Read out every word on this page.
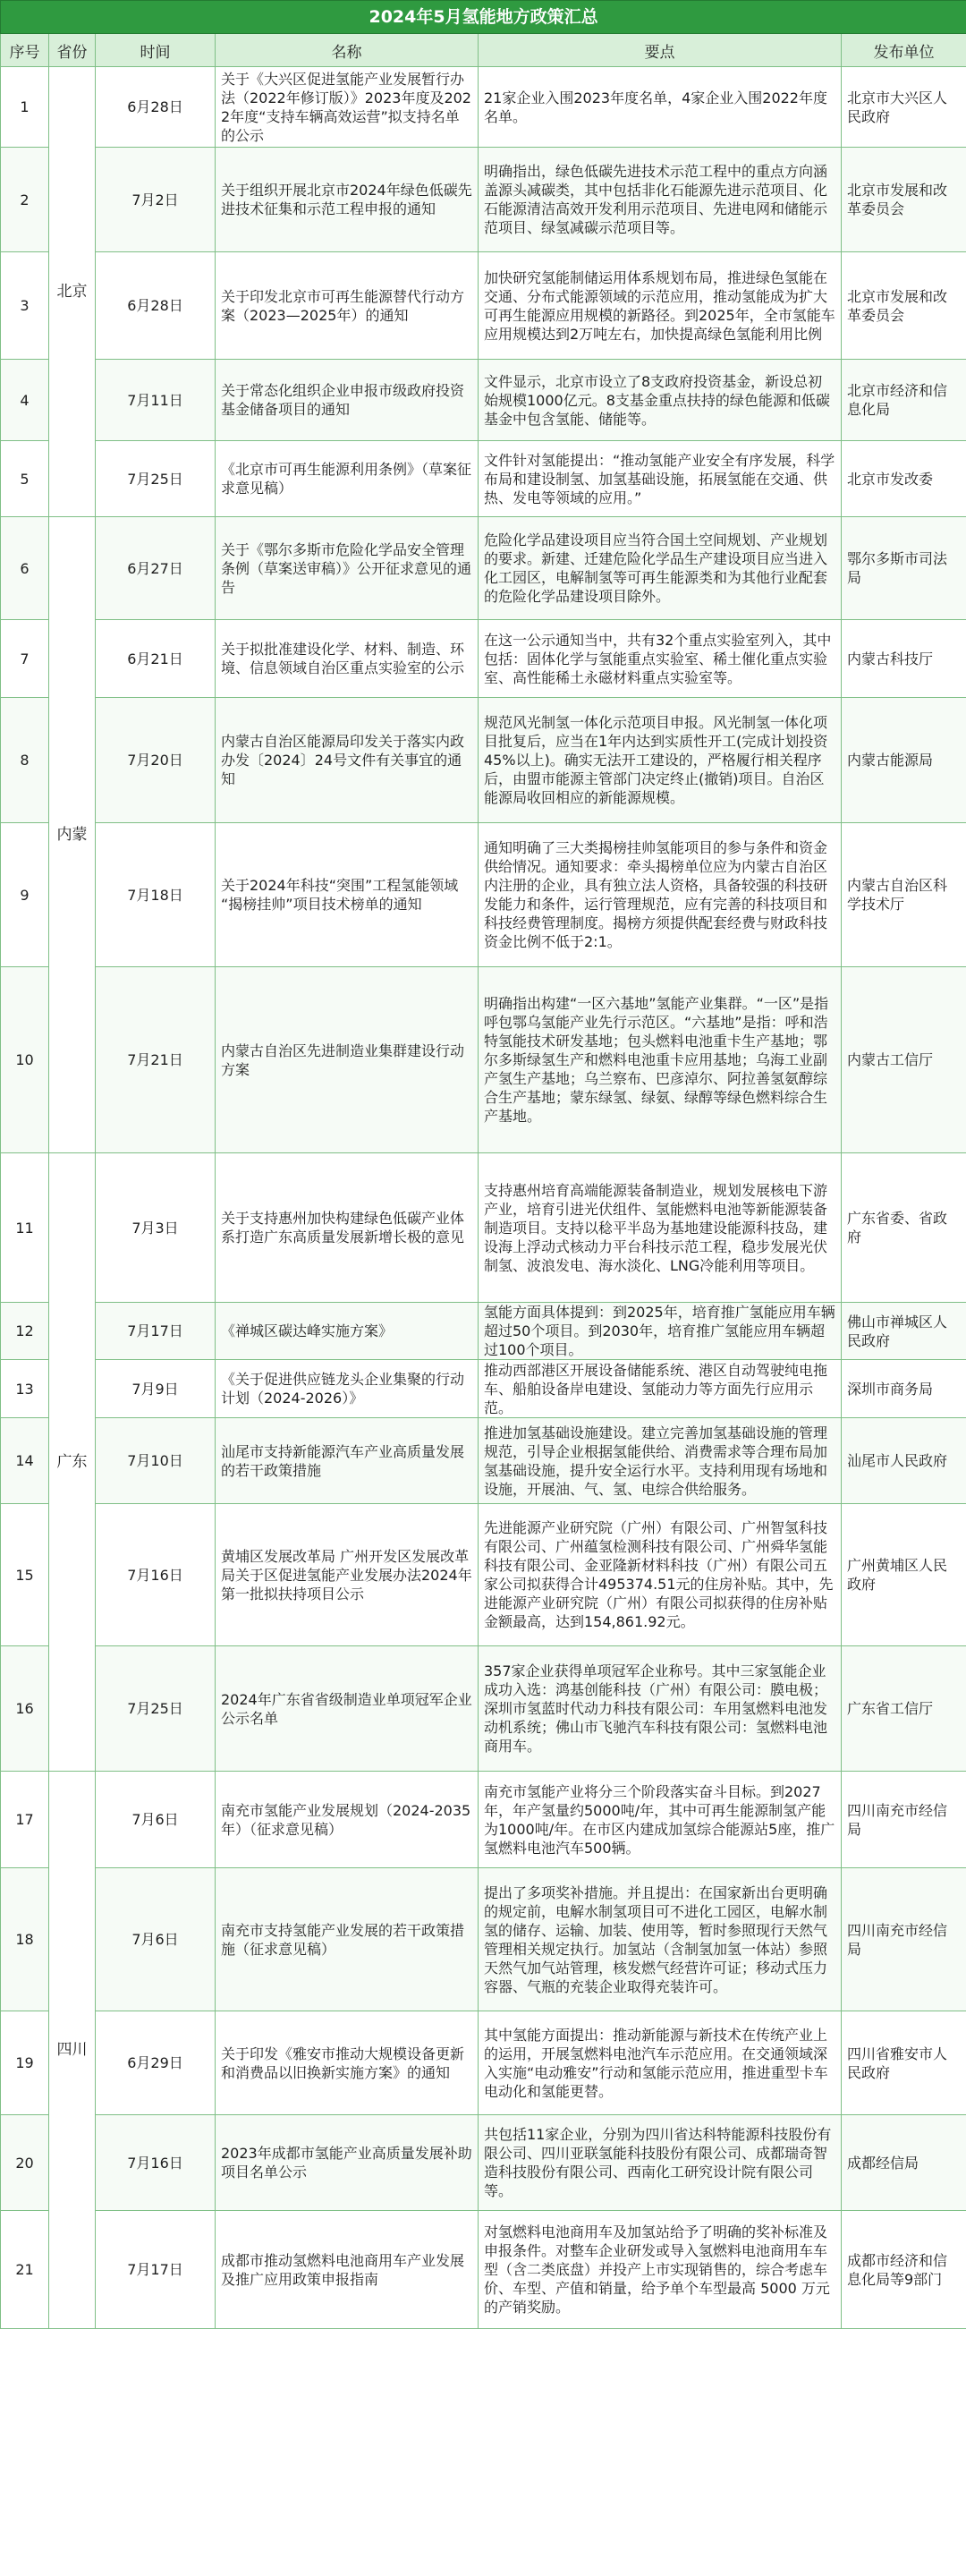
2024年5月氢能地方政策汇总					
序号	省份	时间	名称	要点	发布单位
1	北京	6月28日	关于《大兴区促进氢能产业发展暂行办法（2022年修订版）》2023年度及2022年度“支持车辆高效运营”拟支持名单的公示	21家企业入围2023年度名单，4家企业入围2022年度名单。	北京市大兴区人民政府
2		7月2日	关于组织开展北京市2024年绿色低碳先进技术征集和示范工程申报的通知	明确指出，绿色低碳先进技术示范工程中的重点方向涵盖源头减碳类，其中包括非化石能源先进示范项目、化石能源清洁高效开发利用示范项目、先进电网和储能示范项目、绿氢减碳示范项目等。	北京市发展和改革委员会
3		6月28日	关于印发北京市可再生能源替代行动方案（2023—2025年）的通知	加快研究氢能制储运用体系规划布局，推进绿色氢能在交通、分布式能源领域的示范应用，推动氢能成为扩大可再生能源应用规模的新路径。到2025年，全市氢能车应用规模达到2万吨左右，加快提高绿色氢能利用比例	北京市发展和改革委员会
4		7月11日	关于常态化组织企业申报市级政府投资基金储备项目的通知	文件显示，北京市设立了8支政府投资基金，新设总初始规模1000亿元。8支基金重点扶持的绿色能源和低碳基金中包含氢能、储能等。	北京市经济和信息化局
5		7月25日	《北京市可再生能源利用条例》（草案征求意见稿）	文件针对氢能提出：“推动氢能产业安全有序发展，科学布局和建设制氢、加氢基础设施，拓展氢能在交通、供热、发电等领域的应用。”	北京市发改委
6	内蒙	6月27日	关于《鄂尔多斯市危险化学品安全管理条例（草案送审稿）》公开征求意见的通告	危险化学品建设项目应当符合国土空间规划、产业规划的要求。新建、迁建危险化学品生产建设项目应当进入化工园区，电解制氢等可再生能源类和为其他行业配套的危险化学品建设项目除外。	鄂尔多斯市司法局
7		6月21日	关于拟批准建设化学、材料、制造、环境、信息领域自治区重点实验室的公示	在这一公示通知当中，共有32个重点实验室列入，其中包括：固体化学与氢能重点实验室、稀土催化重点实验室、高性能稀土永磁材料重点实验室等。	内蒙古科技厅
8		7月20日	内蒙古自治区能源局印发关于落实内政办发〔2024〕24号文件有关事宜的通知	规范风光制氢一体化示范项目申报。风光制氢一体化项目批复后，应当在1年内达到实质性开工(完成计划投资45%以上)。确实无法开工建设的，严格履行相关程序后，由盟市能源主管部门决定终止(撤销)项目。自治区能源局收回相应的新能源规模。	内蒙古能源局
9		7月18日	关于2024年科技“突围”工程氢能领域 “揭榜挂帅”项目技术榜单的通知	通知明确了三大类揭榜挂帅氢能项目的参与条件和资金供给情况。通知要求：牵头揭榜单位应为内蒙古自治区内注册的企业，具有独立法人资格，具备较强的科技研发能力和条件，运行管理规范，应有完善的科技项目和科技经费管理制度。揭榜方须提供配套经费与财政科技资金比例不低于2:1。	内蒙古自治区科学技术厅
10		7月21日	内蒙古自治区先进制造业集群建设行动方案	明确指出构建“一区六基地”氢能产业集群。“一区”是指呼包鄂乌氢能产业先行示范区。“六基地”是指：呼和浩特氢能技术研发基地；包头燃料电池重卡生产基地；鄂尔多斯绿氢生产和燃料电池重卡应用基地；乌海工业副产氢生产基地；乌兰察布、巴彦淖尔、阿拉善氢氨醇综合生产基地；蒙东绿氢、绿氨、绿醇等绿色燃料综合生产基地。	内蒙古工信厅
11	广东	7月3日	关于支持惠州加快构建绿色低碳产业体系打造广东高质量发展新增长极的意见	支持惠州培育高端能源装备制造业，规划发展核电下游产业，培育引进光伏组件、氢能燃料电池等新能源装备制造项目。支持以稔平半岛为基地建设能源科技岛，建设海上浮动式核动力平台科技示范工程，稳步发展光伏制氢、波浪发电、海水淡化、LNG冷能利用等项目。	广东省委、省政府
12		7月17日	《禅城区碳达峰实施方案》	氢能方面具体提到：到2025年，培育推广氢能应用车辆超过50个项目。到2030年，培育推广氢能应用车辆超过100个项目。	佛山市禅城区人民政府
13		7月9日	《关于促进供应链龙头企业集聚的行动计划（2024-2026）》	推动西部港区开展设备储能系统、港区自动驾驶纯电拖车、船舶设备岸电建设、氢能动力等方面先行应用示范。	深圳市商务局
14		7月10日	汕尾市支持新能源汽车产业高质量发展的若干政策措施	推进加氢基础设施建设。建立完善加氢基础设施的管理规范，引导企业根据氢能供给、消费需求等合理布局加氢基础设施，提升安全运行水平。支持利用现有场地和设施，开展油、气、氢、电综合供给服务。	汕尾市人民政府
15		7月16日	黄埔区发展改革局 广州开发区发展改革局关于区促进氢能产业发展办法2024年第一批拟扶持项目公示	先进能源产业研究院（广州）有限公司、广州智氢科技有限公司、广州蕴氢检测科技有限公司、广州舜华氢能科技有限公司、金亚隆新材料科技（广州）有限公司五家公司拟获得合计495374.51元的住房补贴。其中，先进能源产业研究院（广州）有限公司拟获得的住房补贴金额最高，达到154,861.92元。	广州黄埔区人民政府
16		7月25日	2024年广东省省级制造业单项冠军企业公示名单	357家企业获得单项冠军企业称号。其中三家氢能企业成功入选：鸿基创能科技（广州）有限公司：膜电极；深圳市氢蓝时代动力科技有限公司：车用氢燃料电池发动机系统；佛山市飞驰汽车科技有限公司：氢燃料电池商用车。	广东省工信厅
17	四川	7月6日	南充市氢能产业发展规划（2024-2035年）（征求意见稿）	南充市氢能产业将分三个阶段落实奋斗目标。到2027年，年产氢量约5000吨/年，其中可再生能源制氢产能为1000吨/年。在市区内建成加氢综合能源站5座，推广氢燃料电池汽车500辆。	四川南充市经信局
18		7月6日	南充市支持氢能产业发展的若干政策措施（征求意见稿）	提出了多项奖补措施。并且提出：在国家新出台更明确的规定前，电解水制氢项目可不进化工园区，电解水制氢的储存、运输、加装、使用等，暂时参照现行天然气管理相关规定执行。加氢站（含制氢加氢一体站）参照天然气加气站管理，核发燃气经营许可证；移动式压力容器、气瓶的充装企业取得充装许可。	四川南充市经信局
19		6月29日	关于印发《雅安市推动大规模设备更新和消费品以旧换新实施方案》的通知	其中氢能方面提出：推动新能源与新技术在传统产业上的运用，开展氢燃料电池汽车示范应用。在交通领域深入实施“电动雅安”行动和氢能示范应用，推进重型卡车电动化和氢能更替。	四川省雅安市人民政府
20		7月16日	2023年成都市氢能产业高质量发展补助项目名单公示	共包括11家企业，分别为四川省达科特能源科技股份有限公司、四川亚联氢能科技股份有限公司、成都瑞奇智造科技股份有限公司、西南化工研究设计院有限公司等。	成都经信局
21		7月17日	成都市推动氢燃料电池商用车产业发展及推广应用政策申报指南	对氢燃料电池商用车及加氢站给予了明确的奖补标准及申报条件。对整车企业研发或导入氢燃料电池商用车车型（含二类底盘）并投产上市实现销售的，综合考虑车价、车型、产值和销量，给予单个车型最高 5000 万元的产销奖励。	成都市经济和信息化局等9部门
